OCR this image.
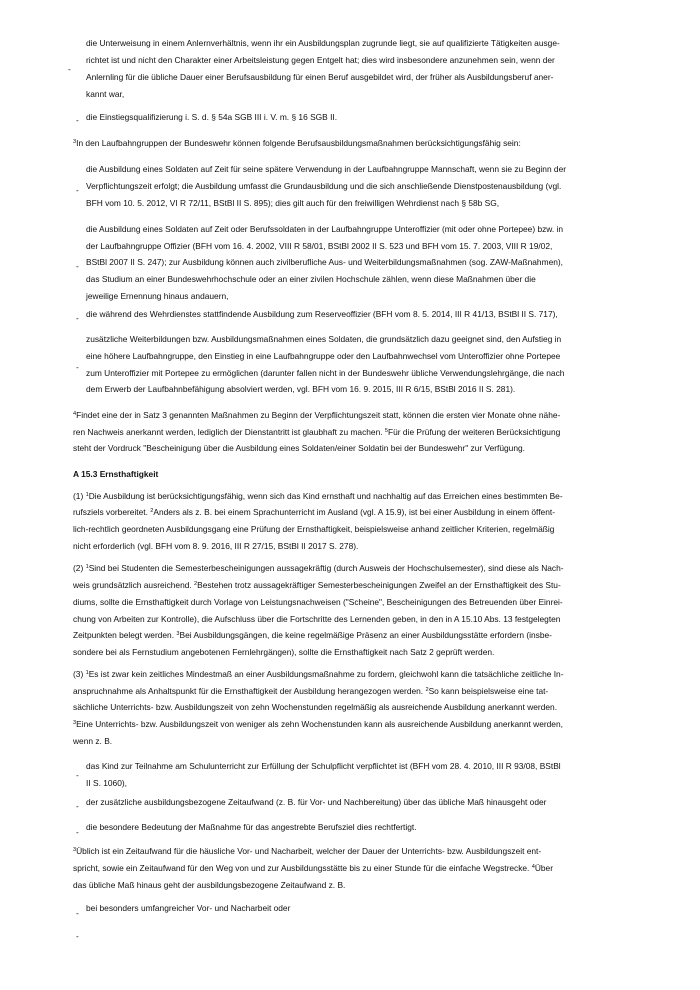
die Unterweisung in einem Anlernverhältnis, wenn ihr ein Ausbildungsplan zugrunde liegt, sie auf qualifizierte Tätigkeiten ausge-
richtet ist und nicht den Charakter einer Arbeitsleistung gegen Entgelt hat; dies wird insbesondere anzunehmen sein, wenn der
-
Anlernling für die übliche Dauer einer Berufsausbildung für einen Beruf ausgebildet wird, der früher als Ausbildungsberuf aner-
kannt war,
- die Einstiegsqualifizierung i. S. d. § 54a SGB III i. V. m. § 16 SGB II.
$^3$In den Laufbahngruppen der Bundeswehr können folgende Berufsausbildungsmaßnahmen berücksichtigungsfähig sein:
die Ausbildung eines Soldaten auf Zeit für seine spätere Verwendung in der Laufbahngruppe Mannschaft, wenn sie zu Beginn der
- Verpflichtungszeit erfolgt; die Ausbildung umfasst die Grundausbildung und die sich anschließende Dienstpostenausbildung (vgl.
BFH vom 10. 5. 2012, VI R 72/11, BStBl II S. 895); dies gilt auch für den freiwilligen Wehrdienst nach § 58b SG,
die Ausbildung eines Soldaten auf Zeit oder Berufssoldaten in der Laufbahngruppe Unteroffizier (mit oder ohne Portepee) bzw. in
der Laufbahngruppe Offizier (BFH vom 16. 4. 2002, VIII R 58/01, BStBl 2002 II S. 523 und BFH vom 15. 7. 2003, VIII R 19/02,
- BStBl 2007 II S. 247); zur Ausbildung können auch zivilberufliche Aus- und Weiterbildungsmaßnahmen (sog. ZAW-Maßnahmen),
das Studium an einer Bundeswehrhochschule oder an einer zivilen Hochschule zählen, wenn diese Maßnahmen über die
jeweilige Ernennung hinaus andauern,
- die während des Wehrdienstes stattfindende Ausbildung zum Reserveoffizier (BFH vom 8. 5. 2014, III R 41/13, BStBl II S. 717),
zusätzliche Weiterbildungen bzw. Ausbildungsmaßnahmen eines Soldaten, die grundsätzlich dazu geeignet sind, den Aufstieg in
eine höhere Laufbahngruppe, den Einstieg in eine Laufbahngruppe oder den Laufbahnwechsel vom Unteroffizier ohne Portepee
-
zum Unteroffizier mit Portepee zu ermöglichen (darunter fallen nicht in der Bundeswehr übliche Verwendungslehrgänge, die nach
dem Erwerb der Laufbahnbefähigung absolviert werden, vgl. BFH vom 16. 9. 2015, III R 6/15, BStBl 2016 II S. 281).
$^4$Findet eine der in Satz 3 genannten Maßnahmen zu Beginn der Verpflichtungszeit statt, können die ersten vier Monate ohne nähe-
ren Nachweis anerkannt werden, lediglich der Dienstantritt ist glaubhaft zu machen. $^5$Für die Prüfung der weiteren Berücksichtigung
steht der Vordruck "Bescheinigung über die Ausbildung eines Soldaten/einer Soldatin bei der Bundeswehr" zur Verfügung.
A 15.3 Ernsthaftigkeit
(1) $^1$Die Ausbildung ist berücksichtigungsfähig, wenn sich das Kind ernsthaft und nachhaltig auf das Erreichen eines bestimmten Be-
rufsziels vorbereitet. $^2$Anders als z. B. bei einem Sprachunterricht im Ausland (vgl. A 15.9), ist bei einer Ausbildung in einem öffent-
lich-rechtlich geordneten Ausbildungsgang eine Prüfung der Ernsthaftigkeit, beispielsweise anhand zeitlicher Kriterien, regelmäßig
nicht erforderlich (vgl. BFH vom 8. 9. 2016, III R 27/15, BStBl II 2017 S. 278).
(2) $^1$Sind bei Studenten die Semesterbescheinigungen aussagekräftig (durch Ausweis der Hochschulsemester), sind diese als Nach-
weis grundsätzlich ausreichend. $^2$Bestehen trotz aussagekräftiger Semesterbescheinigungen Zweifel an der Ernsthaftigkeit des Stu-
diums, sollte die Ernsthaftigkeit durch Vorlage von Leistungsnachweisen ("Scheine", Bescheinigungen des Betreuenden über Einrei-
chung von Arbeiten zur Kontrolle), die Aufschluss über die Fortschritte des Lernenden geben, in den in A 15.10 Abs. 13 festgelegten
Zeitpunkten belegt werden. $^3$Bei Ausbildungsgängen, die keine regelmäßige Präsenz an einer Ausbildungsstätte erfordern (insbe-
sondere bei als Fernstudium angebotenen Fernlehrgängen), sollte die Ernsthaftigkeit nach Satz 2 geprüft werden.
(3) $^1$Es ist zwar kein zeitliches Mindestmaß an einer Ausbildungsmaßnahme zu fordern, gleichwohl kann die tatsächliche zeitliche In-
anspruchnahme als Anhaltspunkt für die Ernsthaftigkeit der Ausbildung herangezogen werden. $^2$So kann beispielsweise eine tat-
sächliche Unterrichts- bzw. Ausbildungszeit von zehn Wochenstunden regelmäßig als ausreichende Ausbildung anerkannt werden.
$^3$Eine Unterrichts- bzw. Ausbildungszeit von weniger als zehn Wochenstunden kann als ausreichende Ausbildung anerkannt werden,
wenn z. B.
das Kind zur Teilnahme am Schulunterricht zur Erfüllung der Schulpflicht verpflichtet ist (BFH vom 28. 4. 2010, III R 93/08, BStBl
-
II S. 1060),
- der zusätzliche ausbildungsbezogene Zeitaufwand (z. B. für Vor- und Nachbereitung) über das übliche Maß hinausgeht oder
- die besondere Bedeutung der Maßnahme für das angestrebte Berufsziel dies rechtfertigt.
$^3$Üblich ist ein Zeitaufwand für die häusliche Vor- und Nacharbeit, welcher der Dauer der Unterrichts- bzw. Ausbildungszeit ent-
spricht, sowie ein Zeitaufwand für den Weg von und zur Ausbildungsstätte bis zu einer Stunde für die einfache Wegstrecke. $^4$Über
das übliche Maß hinaus geht der ausbildungsbezogene Zeitaufwand z. B.
- bei besonders umfangreicher Vor- und Nacharbeit oder
-
